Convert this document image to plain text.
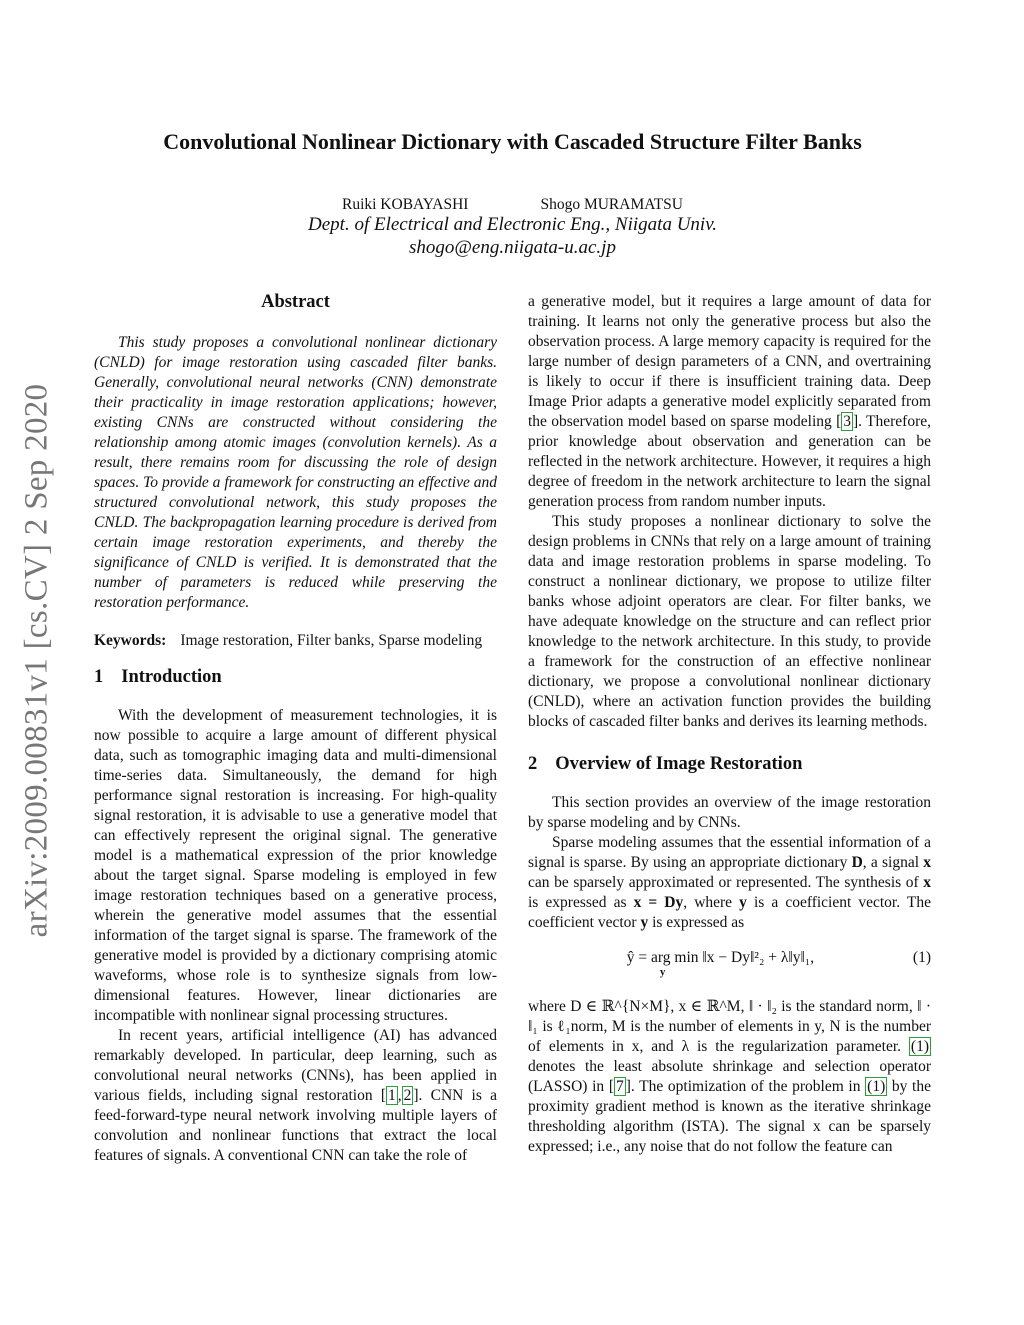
arXiv:2009.00831v1 [cs.CV] 2 Sep 2020
Convolutional Nonlinear Dictionary with Cascaded Structure Filter Banks
Ruiki KOBAYASHI	Shogo MURAMATSU
Dept. of Electrical and Electronic Eng., Niigata Univ.
shogo@eng.niigata-u.ac.jp
Abstract

This study proposes a convolutional nonlinear dictionary (CNLD) for image restoration using cascaded filter banks. Generally, convolutional neural networks (CNN) demonstrate their practicality in image restoration applications; however, existing CNNs are constructed without considering the relationship among atomic images (convolution kernels). As a result, there remains room for discussing the role of design spaces. To provide a framework for constructing an effective and structured convolutional network, this study proposes the CNLD. The backpropagation learning procedure is derived from certain image restoration experiments, and thereby the significance of CNLD is verified. It is demonstrated that the number of parameters is reduced while preserving the restoration performance.

Keywords: Image restoration, Filter banks, Sparse modeling

1 Introduction

With the development of measurement technologies, it is now possible to acquire a large amount of different physical data, such as tomographic imaging data and multi-dimensional time-series data. Simultaneously, the demand for high performance signal restoration is increasing. For high-quality signal restoration, it is advisable to use a generative model that can effectively represent the original signal. The generative model is a mathematical expression of the prior knowledge about the target signal. Sparse modeling is employed in few image restoration techniques based on a generative process, wherein the generative model assumes that the essential information of the target signal is sparse. The framework of the generative model is provided by a dictionary comprising atomic waveforms, whose role is to synthesize signals from low-dimensional features. However, linear dictionaries are incompatible with nonlinear signal processing structures.

In recent years, artificial intelligence (AI) has advanced remarkably developed. In particular, deep learning, such as convolutional neural networks (CNNs), has been applied in various fields, including signal restoration [ 1 , 2 ]. CNN is a feed-forward-type neural network involving multiple layers of convolution and nonlinear functions that extract the local features of signals. A conventional CNN can take the role of

a generative model, but it requires a large amount of data for training. It learns not only the generative process but also the observation process. A large memory capacity is required for the large number of design parameters of a CNN, and overtraining is likely to occur if there is insufficient training data. Deep Image Prior adapts a generative model explicitly separated from the observation model based on sparse modeling [ 3 ]. Therefore, prior knowledge about observation and generation can be reflected in the network architecture. However, it requires a high degree of freedom in the network architecture to learn the signal generation process from random number inputs.

This study proposes a nonlinear dictionary to solve the design problems in CNNs that rely on a large amount of training data and image restoration problems in sparse modeling. To construct a nonlinear dictionary, we propose to utilize filter banks whose adjoint operators are clear. For filter banks, we have adequate knowledge on the structure and can reflect prior knowledge to the network architecture. In this study, to provide a framework for the construction of an effective nonlinear dictionary, we propose a convolutional nonlinear dictionary (CNLD), where an activation function provides the building blocks of cascaded filter banks and derives its learning methods.

2 Overview of Image Restoration

This section provides an overview of the image restoration by sparse modeling and by CNNs.

Sparse modeling assumes that the essential information of a signal is sparse. By using an appropriate dictionary D, a signal x can be sparsely approximated or represented. The synthesis of x is expressed as x = Dy, where y is a coefficient vector. The coefficient vector y is expressed as

ŷ = arg min
y
‖x − Dy‖²₂ + λ‖y‖₁,	(1)

where D ∈ ℝ^{N×M}, x ∈ ℝ^M, ‖ · ‖₂ is the standard norm, ‖ · ‖₁ is ℓ₁norm, M is the number of elements in y, N is the number of elements in x, and λ is the regularization parameter. (1) denotes the least absolute shrinkage and selection operator (LASSO) in [ 7 ]. The optimization of the problem in (1) by the proximity gradient method is known as the iterative shrinkage thresholding algorithm (ISTA). The signal x can be sparsely expressed; i.e., any noise that do not follow the feature can
